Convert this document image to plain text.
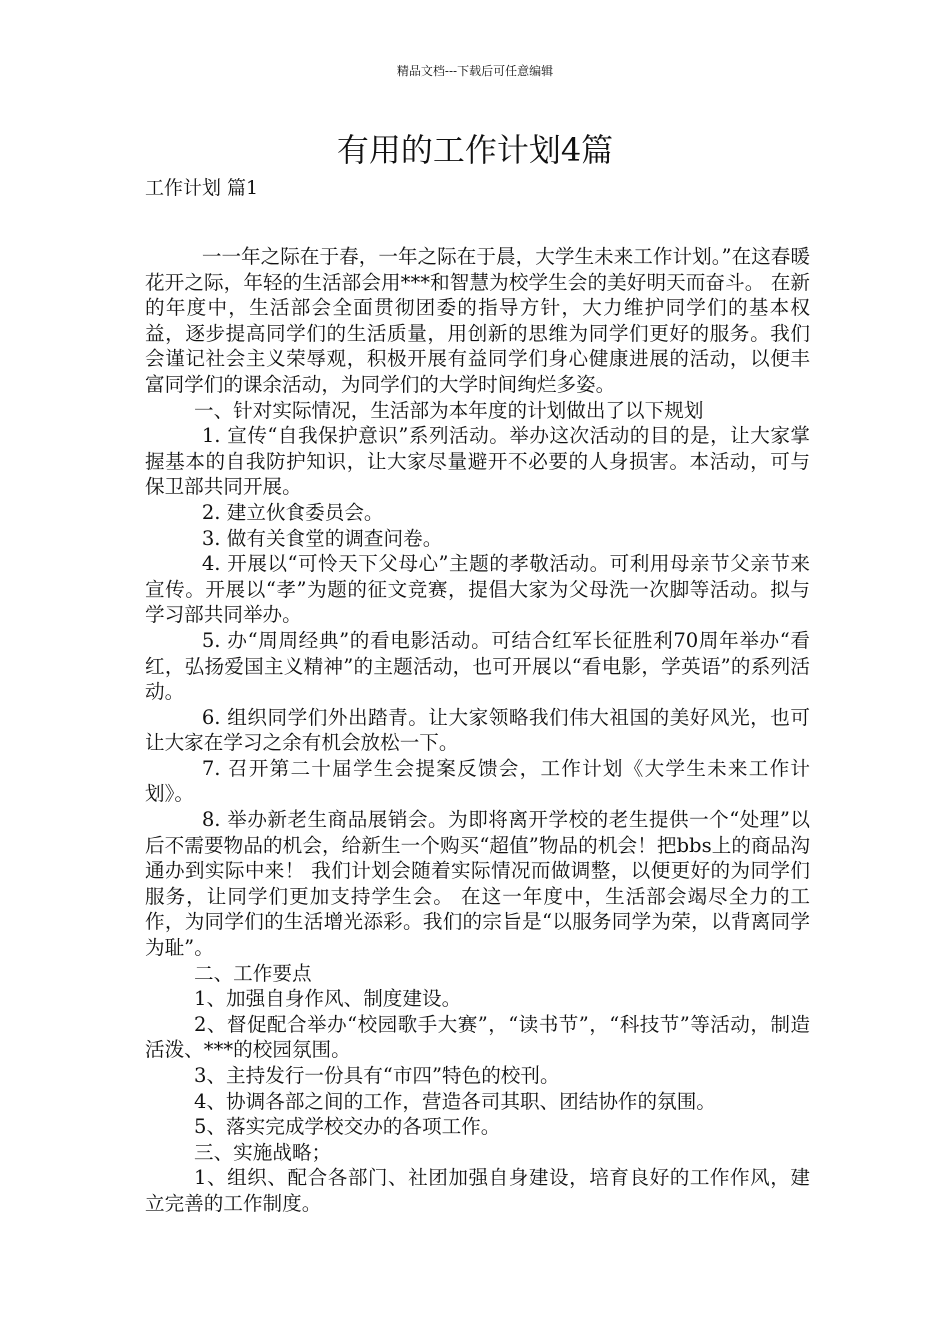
精品文档---下载后可任意编辑
有用的工作计划4篇
工作计划 篇1

一一年之际在于春，一年之际在于晨，大学生未来工作计划。”在这春暖花开之际，年轻的生活部会用***和智慧为校学生会的美好明天而奋斗。 在新的年度中，生活部会全面贯彻团委的指导方针，大力维护同学们的基本权益，逐步提高同学们的生活质量，用创新的思维为同学们更好的服务。我们会谨记社会主义荣辱观，积极开展有益同学们身心健康进展的活动，以便丰富同学们的课余活动，为同学们的大学时间绚烂多姿。

一、针对实际情况，生活部为本年度的计划做出了以下规划

1. 宣传“自我保护意识”系列活动。举办这次活动的目的是，让大家掌握基本的自我防护知识，让大家尽量避开不必要的人身损害。本活动，可与保卫部共同开展。

2. 建立伙食委员会。

3. 做有关食堂的调查问卷。

4. 开展以“可怜天下父母心”主题的孝敬活动。可利用母亲节父亲节来宣传。开展以“孝”为题的征文竞赛，提倡大家为父母洗一次脚等活动。拟与学习部共同举办。

5. 办“周周经典”的看电影活动。可结合红军长征胜利70周年举办“看红，弘扬爱国主义精神”的主题活动，也可开展以“看电影，学英语”的系列活动。

6. 组织同学们外出踏青。让大家领略我们伟大祖国的美好风光，也可让大家在学习之余有机会放松一下。

7. 召开第二十届学生会提案反馈会，工作计划《大学生未来工作计划》。

8. 举办新老生商品展销会。为即将离开学校的老生提供一个“处理”以后不需要物品的机会，给新生一个购买“超值”物品的机会！把bbs上的商品沟通办到实际中来！ 我们计划会随着实际情况而做调整，以便更好的为同学们服务，让同学们更加支持学生会。 在这一年度中，生活部会竭尽全力的工作，为同学们的生活增光添彩。我们的宗旨是“以服务同学为荣，以背离同学为耻”。

二、工作要点

1、加强自身作风、制度建设。

2、督促配合举办“校园歌手大赛”，“读书节”，“科技节”等活动，制造活泼、***的校园氛围。

3、主持发行一份具有“市四”特色的校刊。

4、协调各部之间的工作，营造各司其职、团结协作的氛围。

5、落实完成学校交办的各项工作。

三、实施战略；

1、组织、配合各部门、社团加强自身建设，培育良好的工作作风，建立完善的工作制度。
